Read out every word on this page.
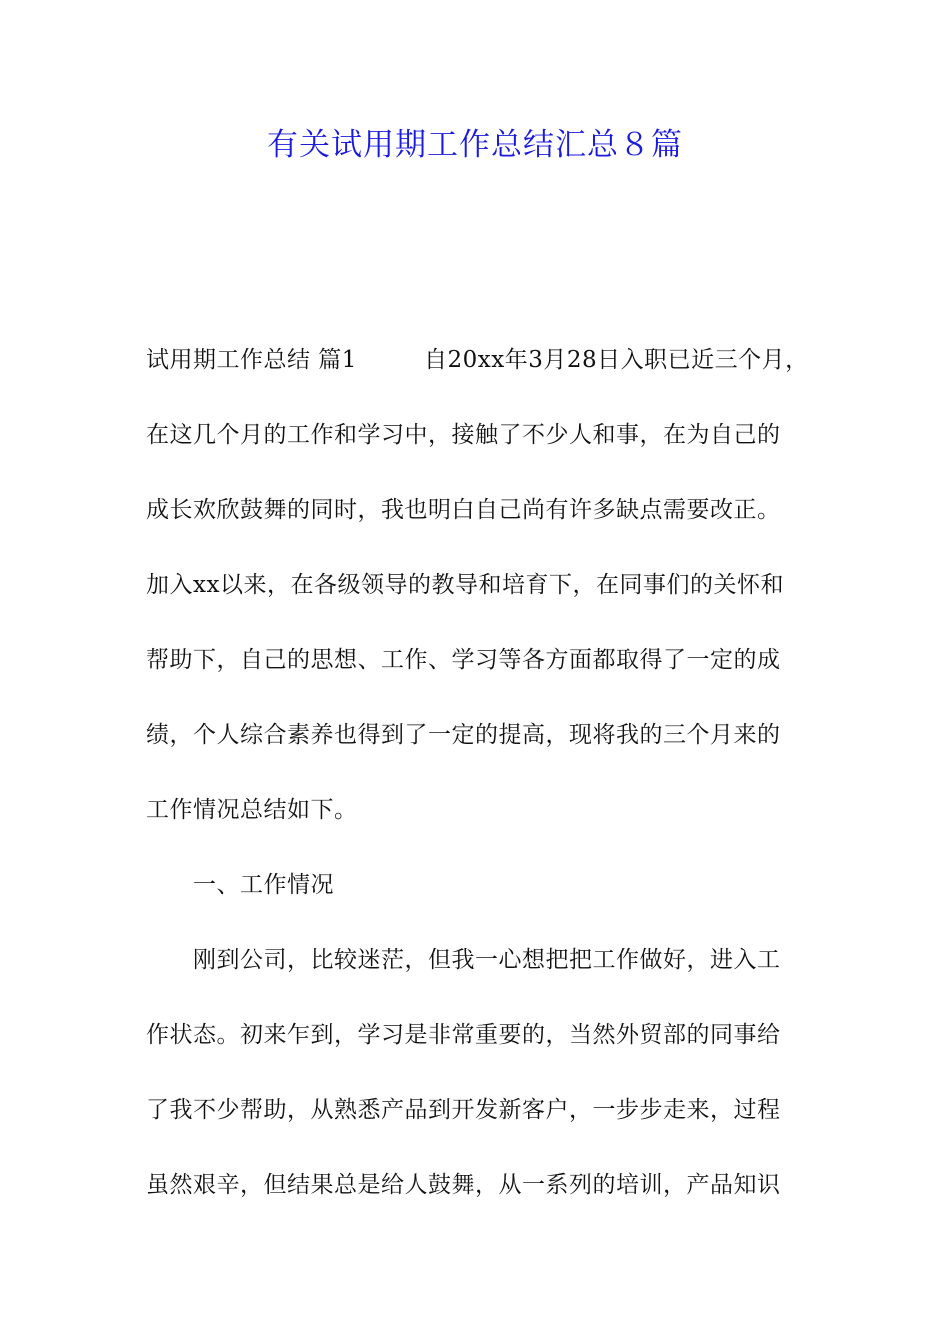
有关试用期工作总结汇总８篇
试用期工作总结 篇1	自20xx年3月28日入职已近三个月，
在这几个月的工作和学习中，接触了不少人和事，在为自己的
成长欢欣鼓舞的同时，我也明白自己尚有许多缺点需要改正。
加入xx以来，在各级领导的教导和培育下，在同事们的关怀和
帮助下，自己的思想、工作、学习等各方面都取得了一定的成
绩，个人综合素养也得到了一定的提高，现将我的三个月来的
工作情况总结如下。
一、工作情况
刚到公司，比较迷茫，但我一心想把把工作做好，进入工
作状态。初来乍到，学习是非常重要的，当然外贸部的同事给
了我不少帮助，从熟悉产品到开发新客户，一步步走来，过程
虽然艰辛，但结果总是给人鼓舞，从一系列的培训，产品知识
